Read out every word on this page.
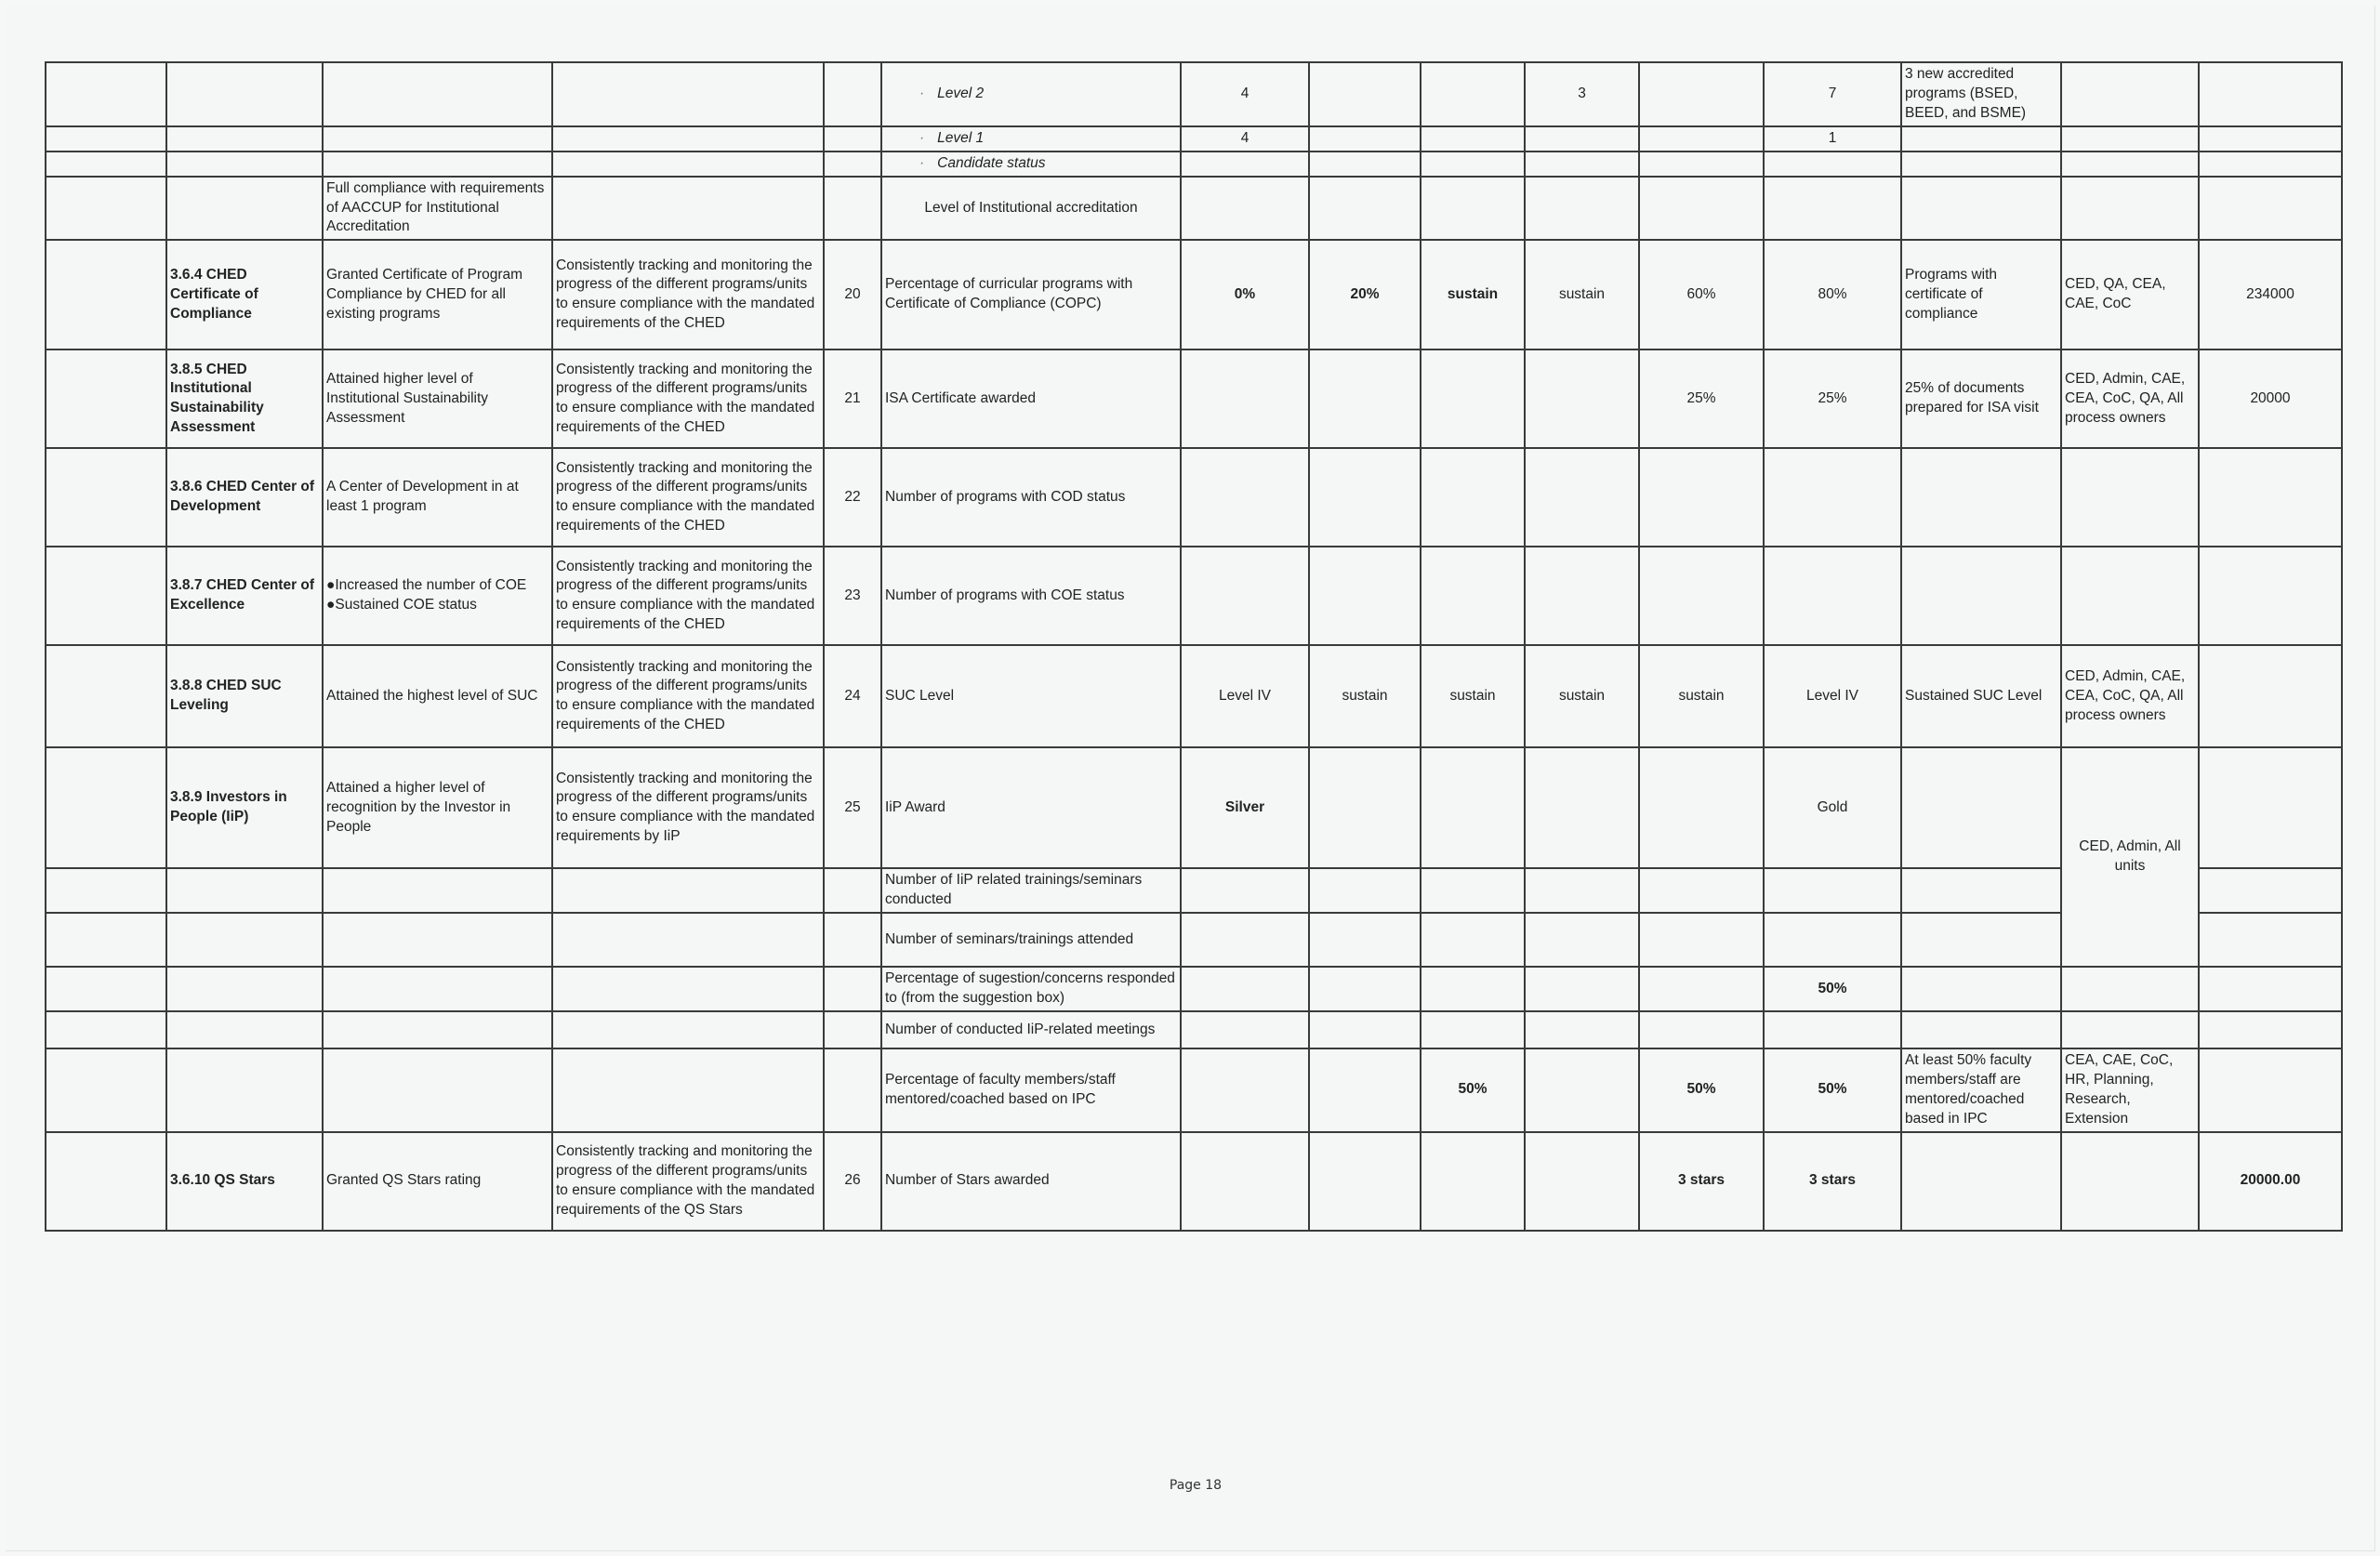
					· Level 2	4			3		7	3 new accredited programs (BSED, BEED, and BSME)		
					· Level 1	4					1			
					· Candidate status									
		Full compliance with requirements of AACCUP for Institutional Accreditation			Level of Institutional accreditation									
	3.6.4 CHED Certificate of Compliance	Granted Certificate of Program Compliance by CHED for all existing programs	Consistently tracking and monitoring the progress of the different programs/units to ensure compliance with the mandated requirements of the CHED	20	Percentage of curricular programs with Certificate of Compliance (COPC)	0%	20%	sustain	sustain	60%	80%	Programs with certificate of compliance	CED, QA, CEA, CAE, CoC	234000
	3.8.5 CHED Institutional Sustainability Assessment	Attained higher level of Institutional Sustainability Assessment	Consistently tracking and monitoring the progress of the different programs/units to ensure compliance with the mandated requirements of the CHED	21	ISA Certificate awarded					25%	25%	25% of documents prepared for ISA visit	CED, Admin, CAE, CEA, CoC, QA, All process owners	20000
	3.8.6 CHED Center of Development	A Center of Development in at least 1 program	Consistently tracking and monitoring the progress of the different programs/units to ensure compliance with the mandated requirements of the CHED	22	Number of programs with COD status									
	3.8.7 CHED Center of Excellence	●Increased the number of COE
●Sustained COE status	Consistently tracking and monitoring the progress of the different programs/units to ensure compliance with the mandated requirements of the CHED	23	Number of programs with COE status									
	3.8.8 CHED SUC Leveling	Attained the highest level of SUC	Consistently tracking and monitoring the progress of the different programs/units to ensure compliance with the mandated requirements of the CHED	24	SUC Level	Level IV	sustain	sustain	sustain	sustain	Level IV	Sustained SUC Level	CED, Admin, CAE, CEA, CoC, QA, All process owners	
	3.8.9 Investors in People (IiP)	Attained a higher level of recognition by the Investor in People	Consistently tracking and monitoring the progress of the different programs/units to ensure compliance with the mandated requirements by IiP	25	IiP Award	Silver					Gold		CED, Admin, All units	
					Number of IiP related trainings/seminars conducted									
					Number of seminars/trainings attended									
					Percentage of sugestion/concerns responded to (from the suggestion box)						50%			
					Number of conducted IiP-related meetings									
					Percentage of faculty members/staff mentored/coached based on IPC			50%		50%	50%	At least 50% faculty members/staff are mentored/coached based in IPC	CEA, CAE, CoC, HR, Planning, Research, Extension	
	3.6.10 QS Stars	Granted QS Stars rating	Consistently tracking and monitoring the progress of the different programs/units to ensure compliance with the mandated requirements of the QS Stars	26	Number of Stars awarded					3 stars	3 stars			20000.00
Page 18
